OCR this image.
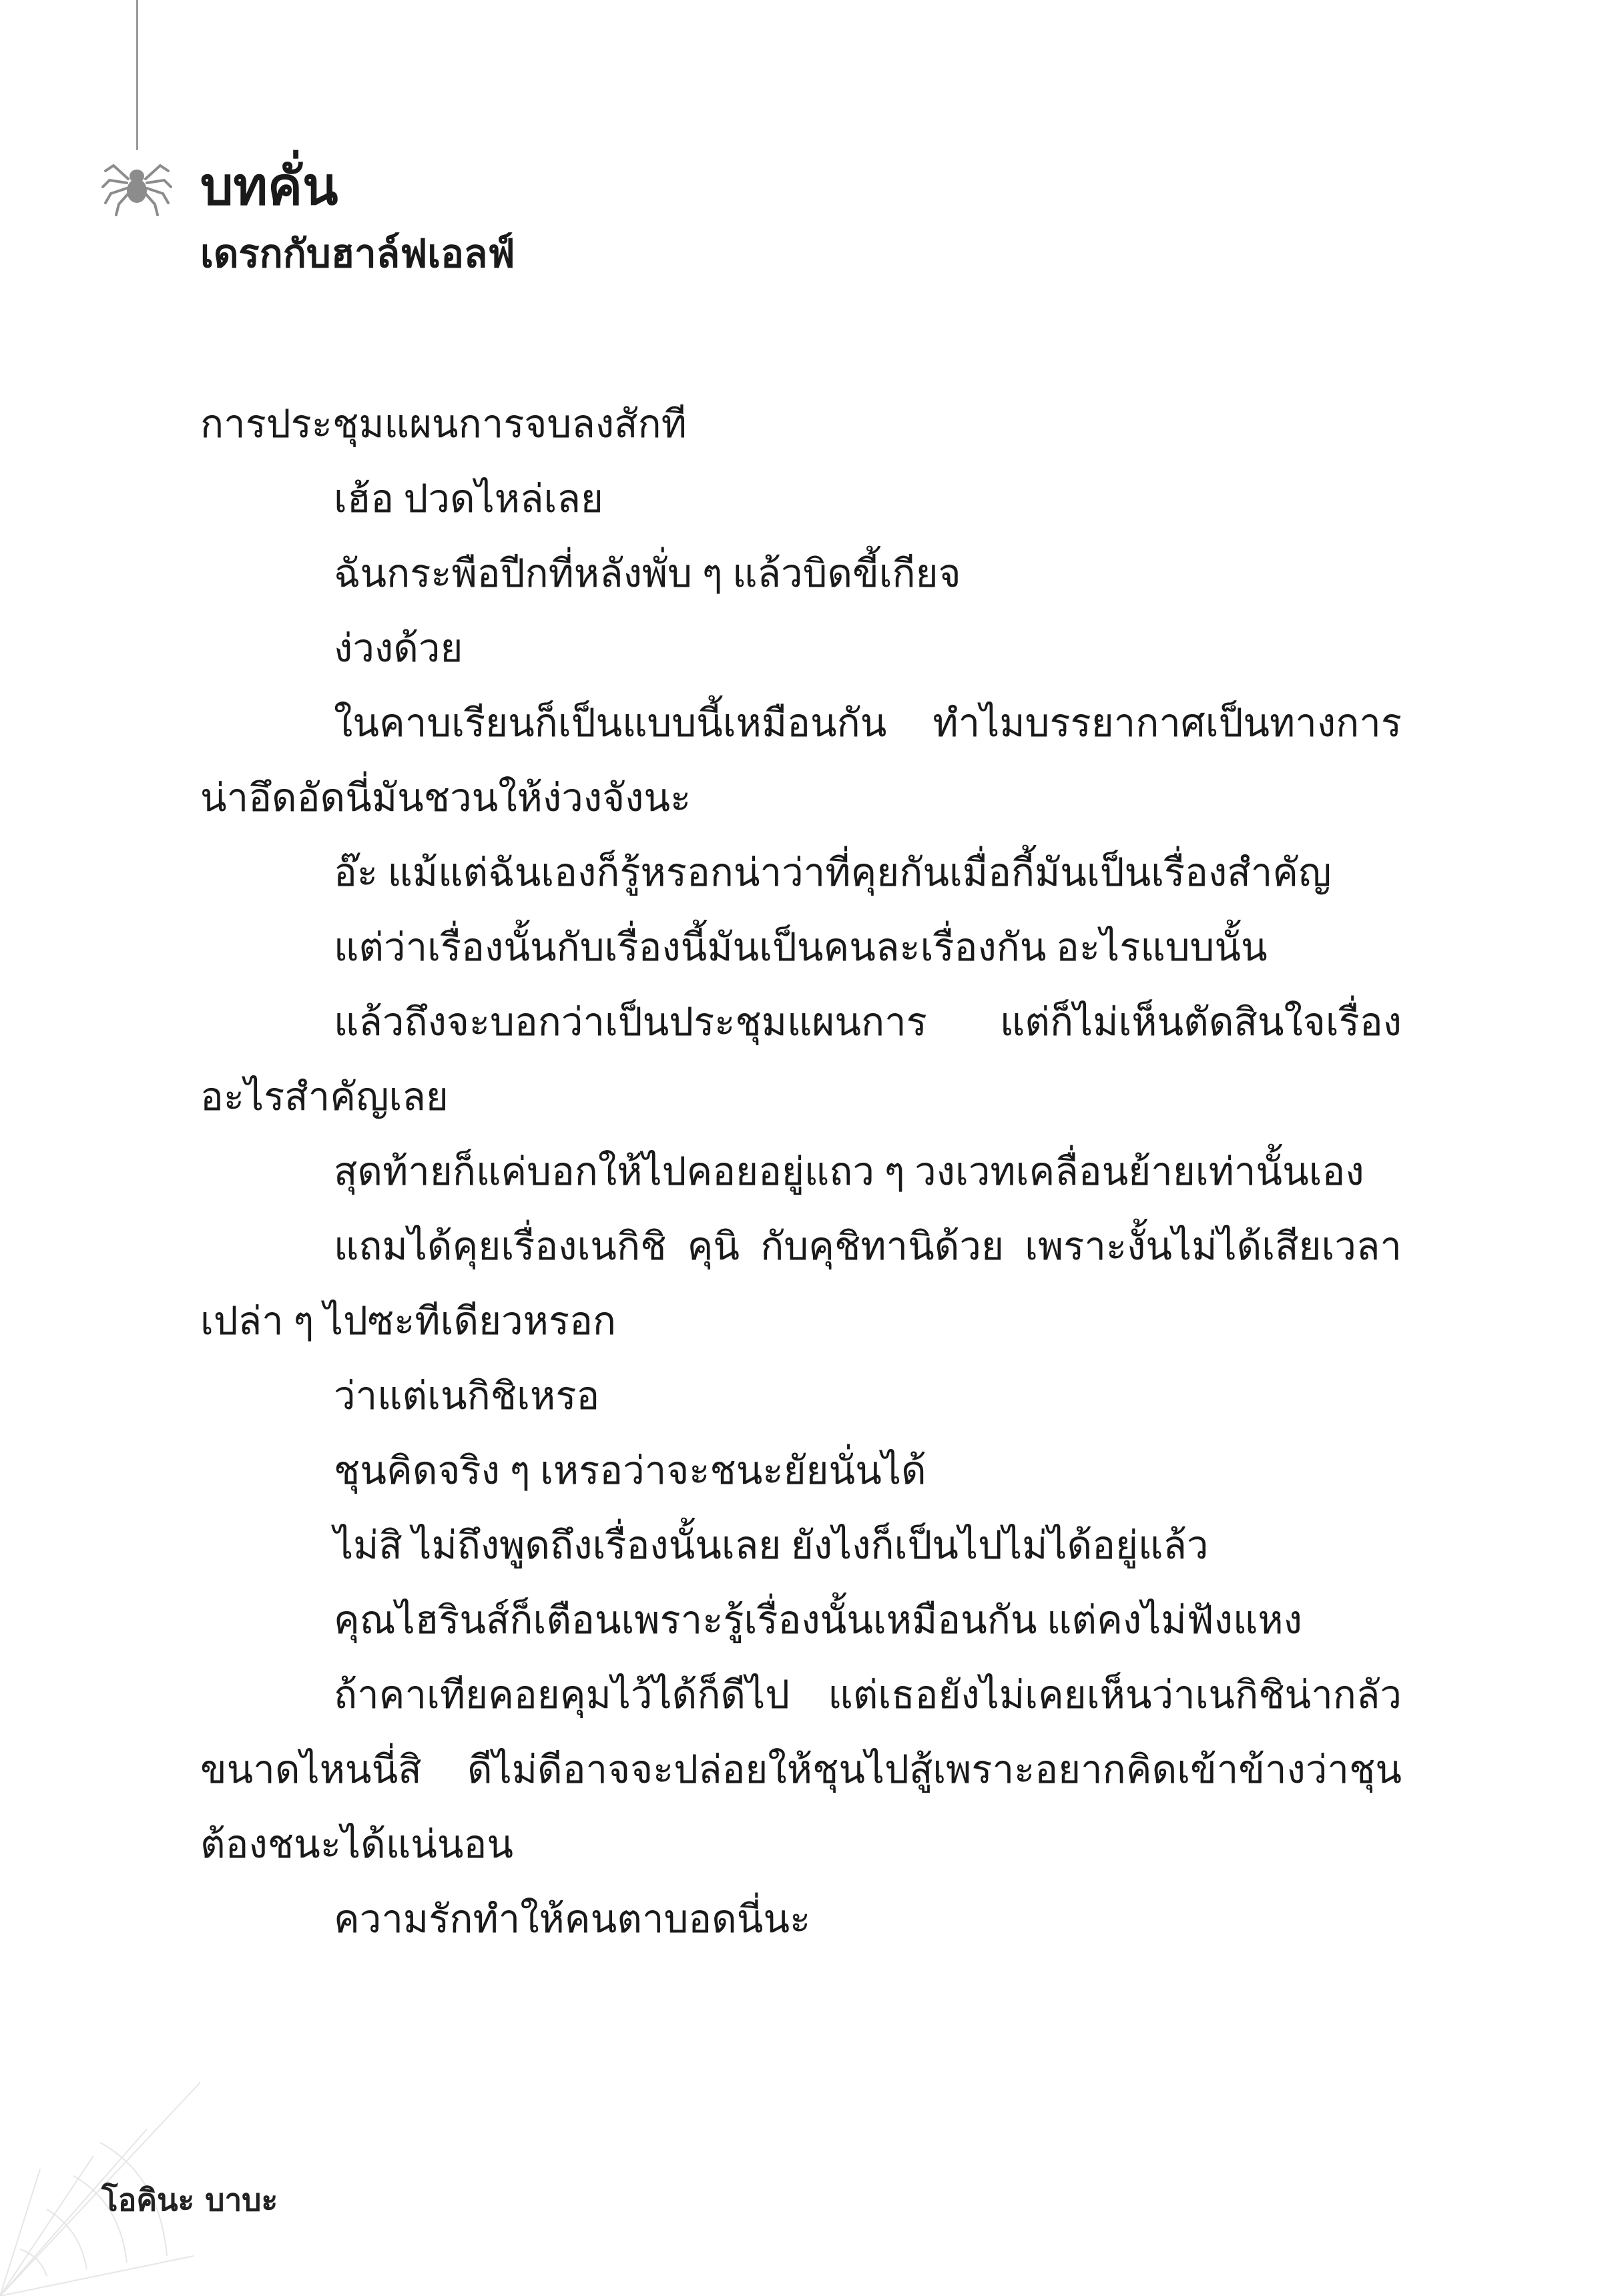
บทคั่น
เดรกกับฮาล์ฟเอลฟ์

การประชุมแผนการจบลงสักที

เฮ้อ ปวดไหล่เลย

ฉันกระพือปีกที่หลังพั่บ ๆ แล้วบิดขี้เกียจ

ง่วงด้วย

ในคาบเรียนก็เป็นแบบนี้เหมือนกัน ทำไมบรรยากาศเป็นทางการน่าอึดอัดนี่มันชวนให้ง่วงจังนะ

อ๊ะ แม้แต่ฉันเองก็รู้หรอกน่าว่าที่คุยกันเมื่อกี้มันเป็นเรื่องสำคัญ

แต่ว่าเรื่องนั้นกับเรื่องนี้มันเป็นคนละเรื่องกัน อะไรแบบนั้น

แล้วถึงจะบอกว่าเป็นประชุมแผนการ แต่ก็ไม่เห็นตัดสินใจเรื่องอะไรสำคัญเลย

สุดท้ายก็แค่บอกให้ไปคอยอยู่แถว ๆ วงเวทเคลื่อนย้ายเท่านั้นเอง

แถมได้คุยเรื่องเนกิชิ คุนิ กับคุชิทานิด้วย เพราะงั้นไม่ได้เสียเวลาเปล่า ๆ ไปซะทีเดียวหรอก

ว่าแต่เนกิชิเหรอ

ชุนคิดจริง ๆ เหรอว่าจะชนะยัยนั่นได้

ไม่สิ ไม่ถึงพูดถึงเรื่องนั้นเลย ยังไงก็เป็นไปไม่ได้อยู่แล้ว

คุณไฮรินส์ก็เตือนเพราะรู้เรื่องนั้นเหมือนกัน แต่คงไม่ฟังแหง

ถ้าคาเทียคอยคุมไว้ได้ก็ดีไป แต่เธอยังไม่เคยเห็นว่าเนกิชิน่ากลัวขนาดไหนนี่สิ ดีไม่ดีอาจจะปล่อยให้ชุนไปสู้เพราะอยากคิดเข้าข้างว่าชุนต้องชนะได้แน่นอน

ความรักทำให้คนตาบอดนี่นะ

โอคินะ บาบะ
